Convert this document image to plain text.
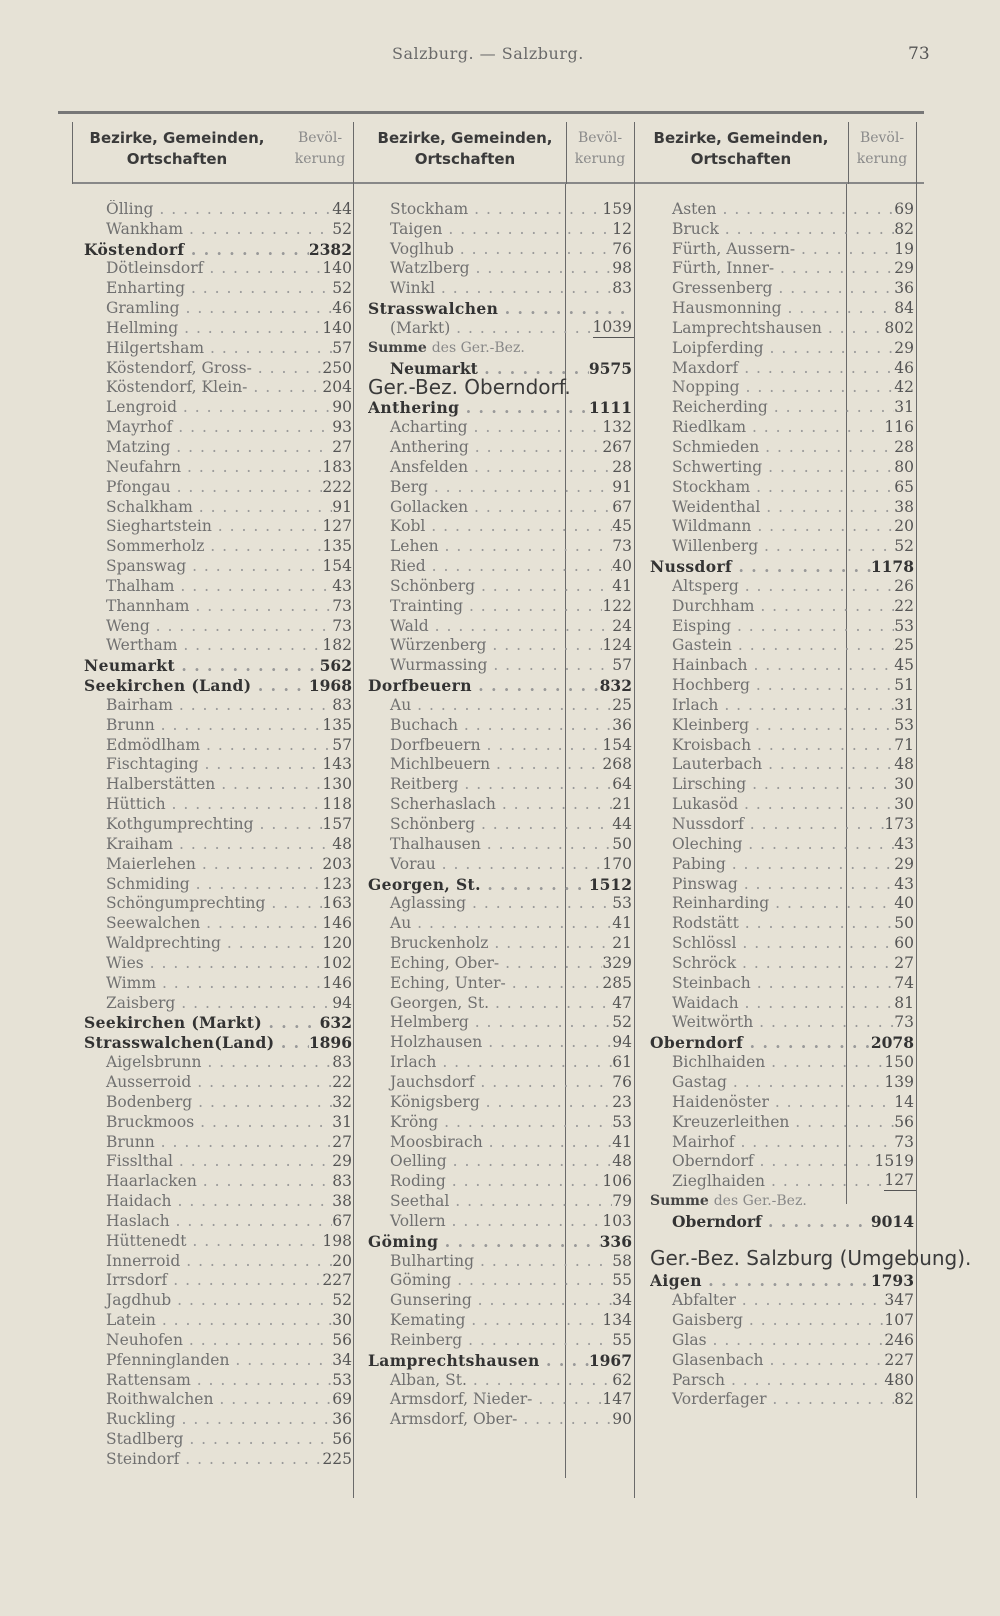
Salzburg. — Salzburg.	73
Bezirke, Gemeinden,
Ortschaften
Bevöl-
kerung
Bezirke, Gemeinden,
Ortschaften
Bevöl-
kerung
Bezirke, Gemeinden,
Ortschaften
Bevöl-
kerung
Ölling . . .	44
Wankham . . .	52
Köstendorf . . .	2382
Dötleinsdorf . . .	140
Enharting . . .	52
Gramling . . .	46
Hellming . . .	140
Hilgertsham . . .	57
Köstendorf, Gross- . . .	250
Köstendorf, Klein- . . .	204
Lengroid . . .	90
Mayrhof . . .	93
Matzing . . .	27
Neufahrn . . .	183
Pfongau . . .	222
Schalkham . . .	91
Sieghartstein . . .	127
Sommerholz . . .	135
Spanswag . . .	154
Thalham . . .	43
Thannham . . .	73
Weng . . .	73
Wertham . . .	182
Neumarkt . . .	562
Seekirchen (Land) . . .	1968
Bairham . . .	83
Brunn . . .	135
Edmödlham . . .	57
Fischtaging . . .	143
Halberstätten . . .	130
Hüttich . . .	118
Kothgumprechting . . .	157
Kraiham . . .	48
Maierlehen . . .	203
Schmiding . . .	123
Schöngumprechting . . .	163
Seewalchen . . .	146
Waldprechting . . .	120
Wies . . .	102
Wimm . . .	146
Zaisberg . . .	94
Seekirchen (Markt) . . .	632
Strasswalchen(Land) . . .	1896
Aigelsbrunn . . .	83
Ausserroid . . .	22
Bodenberg . . .	32
Bruckmoos . . .	31
Brunn . . .	27
Fisslthal . . .	29
Haarlacken . . .	83
Haidach . . .	38
Haslach . . .	67
Hüttenedt . . .	198
Innerroid . . .	20
Irrsdorf . . .	227
Jagdhub . . .	52
Latein . . .	30
Neuhofen . . .	56
Pfenninglanden . . .	34
Rattensam . . .	53
Roithwalchen . . .	69
Ruckling . . .	36
Stadlberg . . .	56
Steindorf . . .	225
Stockham . . .	159
Taigen . . .	12
Voglhub . . .	76
Watzlberg . . .	98
Winkl . . .	83
Strasswalchen . . .
(Markt) . . .	1039
Summe des Ger.-Bez.
Neumarkt . . .	9575
Ger.-Bez. Oberndorf.
Anthering . . .	1111
Acharting . . .	132
Anthering . . .	267
Ansfelden . . .	28
Berg . . .	91
Gollacken . . .	67
Kobl . . .	45
Lehen . . .	73
Ried . . .	40
Schönberg . . .	41
Trainting . . .	122
Wald . . .	24
Würzenberg . . .	124
Wurmassing . . .	57
Dorfbeuern . . .	832
Au . . .	25
Buchach . . .	36
Dorfbeuern . . .	154
Michlbeuern . . .	268
Reitberg . . .	64
Scherhaslach . . .	21
Schönberg . . .	44
Thalhausen . . .	50
Vorau . . .	170
Georgen, St. . . .	1512
Aglassing . . .	53
Au . . .	41
Bruckenholz . . .	21
Eching, Ober- . . .	329
Eching, Unter- . . .	285
Georgen, St. . . .	47
Helmberg . . .	52
Holzhausen . . .	94
Irlach . . .	61
Jauchsdorf . . .	76
Königsberg . . .	23
Kröng . . .	53
Moosbirach . . .	41
Oelling . . .	48
Roding . . .	106
Seethal . . .	79
Vollern . . .	103
Göming . . .	336
Bulharting . . .	58
Göming . . .	55
Gunsering . . .	34
Kemating . . .	134
Reinberg . . .	55
Lamprechtshausen . . .	1967
Alban, St. . . .	62
Armsdorf, Nieder- . . .	147
Armsdorf, Ober- . . .	90
Asten . . .	69
Bruck . . .	82
Fürth, Aussern- . . .	19
Fürth, Inner- . . .	29
Gressenberg . . .	36
Hausmonning . . .	84
Lamprechtshausen . . .	802
Loipferding . . .	29
Maxdorf . . .	46
Nopping . . .	42
Reicherding . . .	31
Riedlkam . . .	116
Schmieden . . .	28
Schwerting . . .	80
Stockham . . .	65
Weidenthal . . .	38
Wildmann . . .	20
Willenberg . . .	52
Nussdorf . . .	1178
Altsperg . . .	26
Durchham . . .	22
Eisping . . .	53
Gastein . . .	25
Hainbach . . .	45
Hochberg . . .	51
Irlach . . .	31
Kleinberg . . .	53
Kroisbach . . .	71
Lauterbach . . .	48
Lirsching . . .	30
Lukasöd . . .	30
Nussdorf . . .	173
Oleching . . .	43
Pabing . . .	29
Pinswag . . .	43
Reinharding . . .	40
Rodstätt . . .	50
Schlössl . . .	60
Schröck . . .	27
Steinbach . . .	74
Waidach . . .	81
Weitwörth . . .	73
Oberndorf . . .	2078
Bichlhaiden . . .	150
Gastag . . .	139
Haidenöster . . .	14
Kreuzerleithen . . .	56
Mairhof . . .	73
Oberndorf . . .	1519
Zieglhaiden . . .	127
Summe des Ger.-Bez.
Oberndorf . . .	9014
Ger.-Bez. Salzburg (Umgebung).
Aigen . . .	1793
Abfalter . . .	347
Gaisberg . . .	107
Glas . . .	246
Glasenbach . . .	227
Parsch . . .	480
Vorderfager . . .	82
